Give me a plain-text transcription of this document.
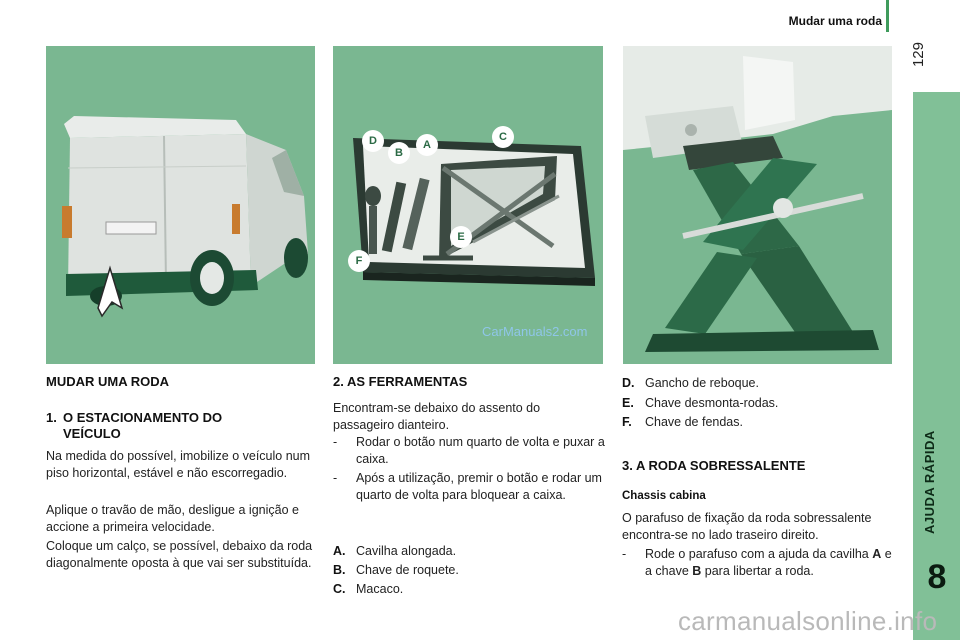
Mudar uma roda
129
AJUDA RÁPIDA
8
D
B
A
C
E
F
CarManuals2.com
MUDAR UMA RODA
1. O ESTACIONAMENTO DO
VEÍCULO
Na medida do possível, imobilize o veículo num piso horizontal, estável e não escorregadio.
Aplique o travão de mão, desligue a ignição e accione a primeira velocidade.
Coloque um calço, se possível, debaixo da roda diagonalmente oposta à que vai ser substituída.
2. AS FERRAMENTAS
Encontram-se debaixo do assento do passageiro dianteiro.
-	Rodar o botão num quarto de volta e puxar a caixa.
-	Após a utilização, premir o botão e rodar um quarto de volta para bloquear a caixa.
A. Cavilha alongada.
B. Chave de roquete.
C. Macaco.
D. Gancho de reboque.
E. Chave desmonta-rodas.
F. Chave de fendas.
3. A RODA SOBRESSALENTE
Chassis cabina
O parafuso de fixação da roda sobressalente encontra-se no lado traseiro direito.
-	Rode o parafuso com a ajuda da cavilha A e a chave B para libertar a roda.
carmanualsonline.info
